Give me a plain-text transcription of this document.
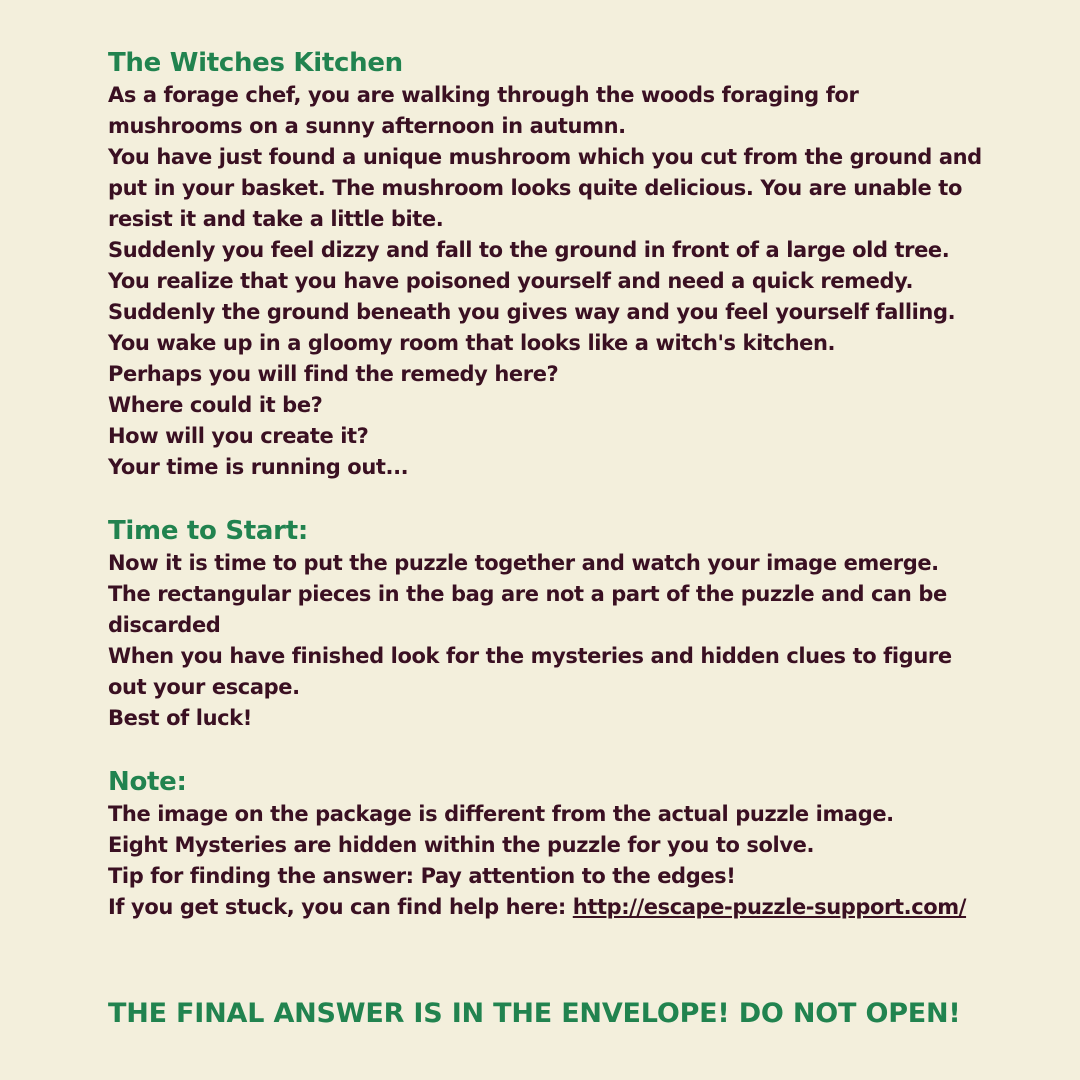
The Witches Kitchen

As a forage chef, you are walking through the woods foraging for mushrooms on a sunny afternoon in autumn.

You have just found a unique mushroom which you cut from the ground and put in your basket. The mushroom looks quite delicious. You are unable to resist it and take a little bite.

Suddenly you feel dizzy and fall to the ground in front of a large old tree. You realize that you have poisoned yourself and need a quick remedy. Suddenly the ground beneath you gives way and you feel yourself falling. You wake up in a gloomy room that looks like a witch's kitchen.

Perhaps you will find the remedy here?

Where could it be?

How will you create it?

Your time is running out...

Time to Start:

Now it is time to put the puzzle together and watch your image emerge.

The rectangular pieces in the bag are not a part of the puzzle and can be discarded

When you have finished look for the mysteries and hidden clues to figure out your escape.

Best of luck!

Note:

The image on the package is different from the actual puzzle image.

Eight Mysteries are hidden within the puzzle for you to solve.

Tip for finding the answer: Pay attention to the edges!

If you get stuck, you can find help here: http://escape-puzzle-support.com/

THE FINAL ANSWER IS IN THE ENVELOPE! DO NOT OPEN!
